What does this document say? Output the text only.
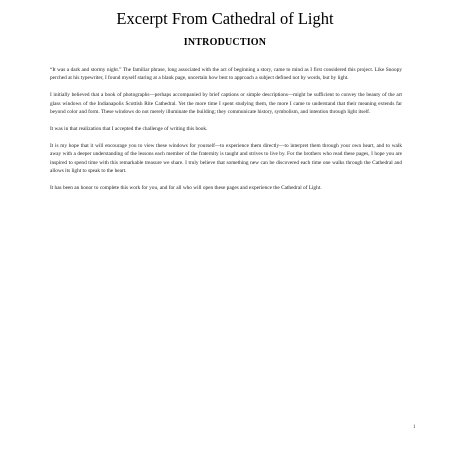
Excerpt From Cathedral of Light
INTRODUCTION

“It was a dark and stormy night.” The familiar phrase, long associated with the act of beginning a story, came to mind as I first considered this project. Like Snoopy perched at his typewriter, I found myself staring at a blank page, uncertain how best to approach a subject defined not by words, but by light.

I initially believed that a book of photographs—perhaps accompanied by brief captions or simple descriptions—might be sufficient to convey the beauty of the art glass windows of the Indianapolis Scottish Rite Cathedral. Yet the more time I spent studying them, the more I came to understand that their meaning extends far beyond color and form. These windows do not merely illuminate the building; they communicate history, symbolism, and intention through light itself.

It was in that realization that I accepted the challenge of writing this book.

It is my hope that it will encourage you to view these windows for yourself—to experience them directly—to interpret them through your own heart, and to walk away with a deeper understanding of the lessons each member of the fraternity is taught and strives to live by. For the brothers who read these pages, I hope you are inspired to spend time with this remarkable treasure we share. I truly believe that something new can be discovered each time one walks through the Cathedral and allows its light to speak to the heart.

It has been an honor to complete this work for you, and for all who will open these pages and experience the Cathedral of Light.

1
